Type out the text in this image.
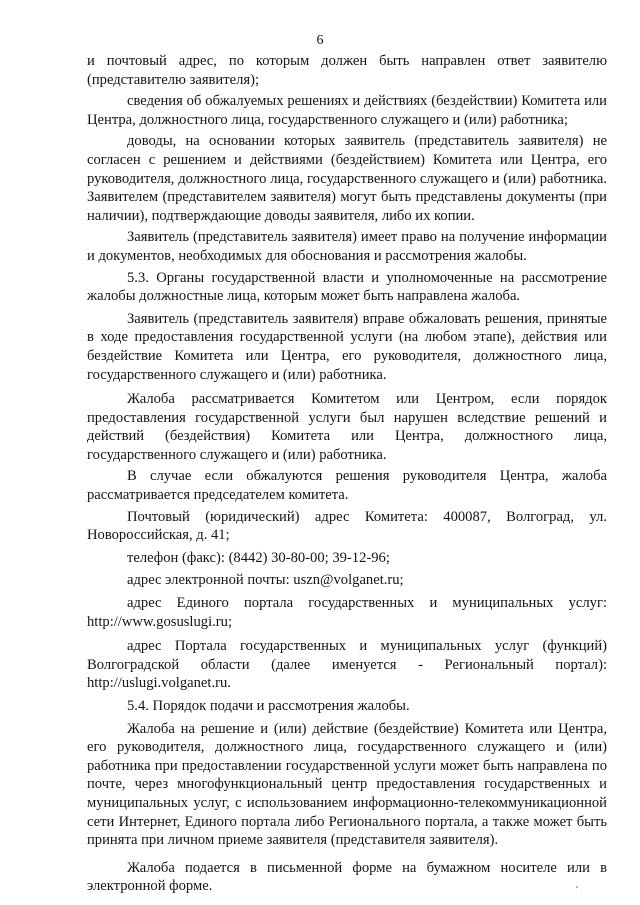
6

и почтовый адрес, по которым должен быть направлен ответ заявителю (представителю заявителя);

сведения об обжалуемых решениях и действиях (бездействии) Комитета или Центра, должностного лица, государственного служащего и (или) работника;

доводы, на основании которых заявитель (представитель заявителя) не согласен с решением и действиями (бездействием) Комитета или Центра, его руководителя, должностного лица, государственного служащего и (или) работника. Заявителем (представителем заявителя) могут быть представлены документы (при наличии), подтверждающие доводы заявителя, либо их копии.

Заявитель (представитель заявителя) имеет право на получение информации и документов, необходимых для обоснования и рассмотрения жалобы.

5.3. Органы государственной власти и уполномоченные на рассмотрение жалобы должностные лица, которым может быть направлена жалоба.

Заявитель (представитель заявителя) вправе обжаловать решения, принятые в ходе предоставления государственной услуги (на любом этапе), действия или бездействие Комитета или Центра, его руководителя, должностного лица, государственного служащего и (или) работника.

Жалоба рассматривается Комитетом или Центром, если порядок предоставления государственной услуги был нарушен вследствие решений и действий (бездействия) Комитета или Центра, должностного лица, государственного служащего и (или) работника.

В случае если обжалуются решения руководителя Центра, жалоба рассматривается председателем комитета.

Почтовый (юридический) адрес Комитета: 400087, Волгоград, ул. Новороссийская, д. 41;

телефон (факс): (8442) 30-80-00; 39-12-96;

адрес электронной почты: uszn@volganet.ru;

адрес Единого портала государственных и муниципальных услуг: http://www.gosuslugi.ru;

адрес Портала государственных и муниципальных услуг (функций) Волгоградской области (далее именуется - Региональный портал): http://uslugi.volganet.ru.

5.4. Порядок подачи и рассмотрения жалобы.

Жалоба на решение и (или) действие (бездействие) Комитета или Центра, его руководителя, должностного лица, государственного служащего и (или) работника при предоставлении государственной услуги может быть направлена по почте, через многофункциональный центр предоставления государственных и муниципальных услуг, с использованием информационно-телекоммуникационной сети Интернет, Единого портала либо Регионального портала, а также может быть принята при личном приеме заявителя (представителя заявителя).

Жалоба подается в письменной форме на бумажном носителе или в электронной форме.
